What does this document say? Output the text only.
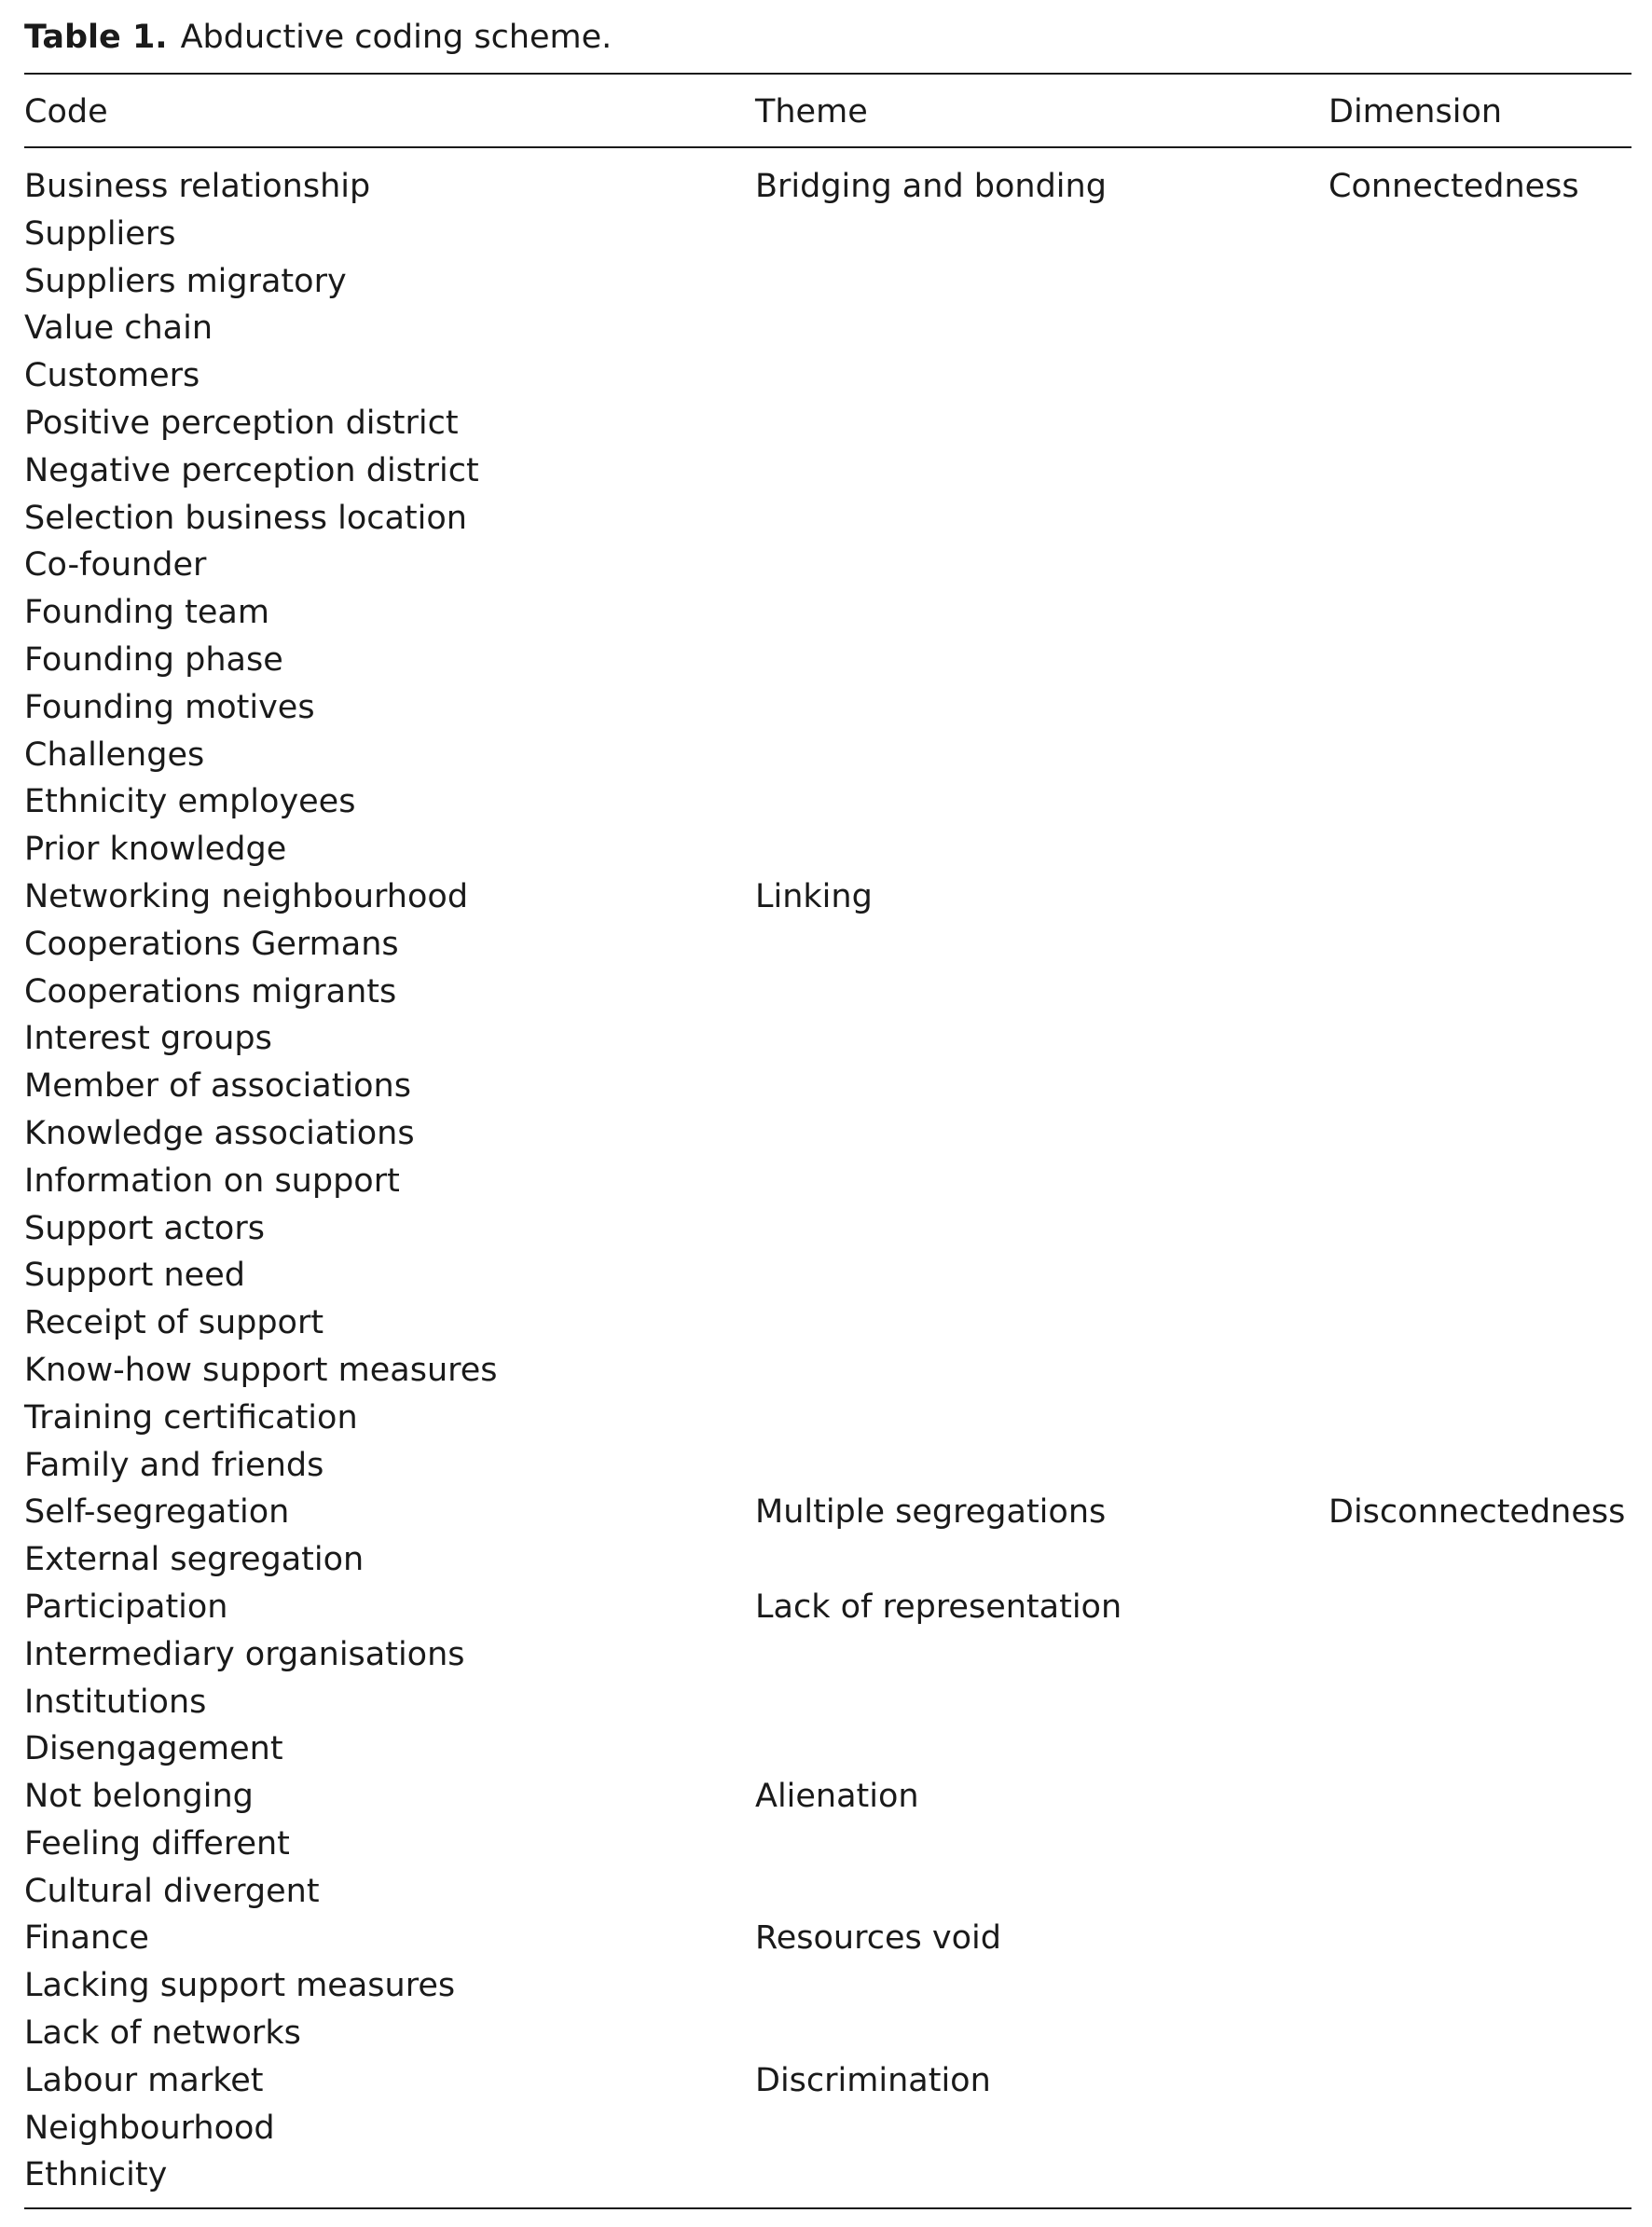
Table 1. Abductive coding scheme.
Code	Theme	Dimension
Business relationship	Bridging and bonding	Connectedness
Suppliers
Suppliers migratory
Value chain
Customers
Positive perception district
Negative perception district
Selection business location
Co-founder
Founding team
Founding phase
Founding motives
Challenges
Ethnicity employees
Prior knowledge
Networking neighbourhood	Linking
Cooperations Germans
Cooperations migrants
Interest groups
Member of associations
Knowledge associations
Information on support
Support actors
Support need
Receipt of support
Know-how support measures
Training certification
Family and friends
Self-segregation	Multiple segregations	Disconnectedness
External segregation
Participation	Lack of representation
Intermediary organisations
Institutions
Disengagement
Not belonging	Alienation
Feeling different
Cultural divergent
Finance	Resources void
Lacking support measures
Lack of networks
Labour market	Discrimination
Neighbourhood
Ethnicity
